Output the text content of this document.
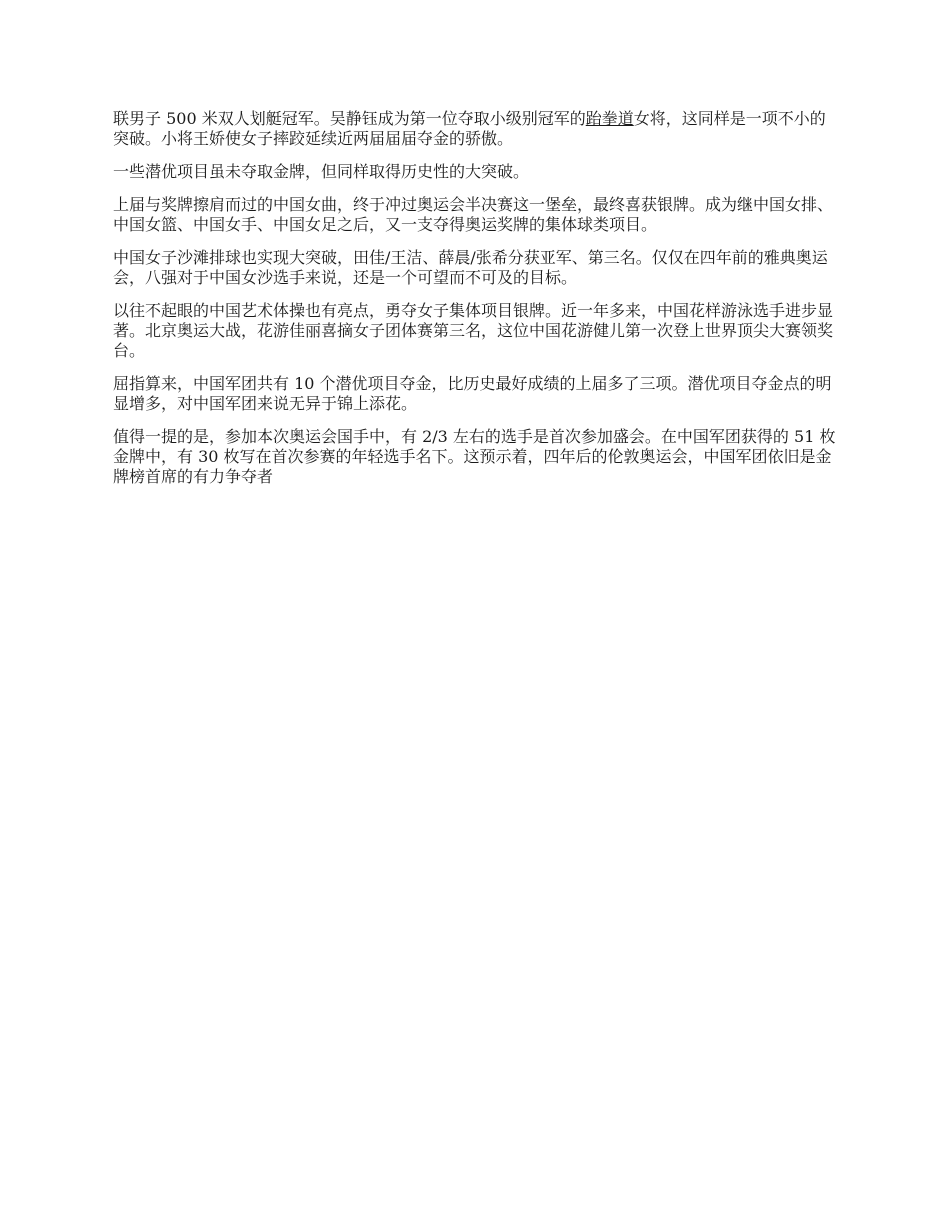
联男子 500 米双人划艇冠军。吴静钰成为第一位夺取小级别冠军的跆拳道女将，这同样是一项不小的突破。小将王娇使女子摔跤延续近两届届届夺金的骄傲。

一些潜优项目虽未夺取金牌，但同样取得历史性的大突破。

上届与奖牌擦肩而过的中国女曲，终于冲过奥运会半决赛这一堡垒，最终喜获银牌。成为继中国女排、中国女篮、中国女手、中国女足之后，又一支夺得奥运奖牌的集体球类项目。

中国女子沙滩排球也实现大突破，田佳/王洁、薛晨/张希分获亚军、第三名。仅仅在四年前的雅典奥运会，八强对于中国女沙选手来说，还是一个可望而不可及的目标。

以往不起眼的中国艺术体操也有亮点，勇夺女子集体项目银牌。近一年多来，中国花样游泳选手进步显著。北京奥运大战，花游佳丽喜摘女子团体赛第三名，这位中国花游健儿第一次登上世界顶尖大赛领奖台。

屈指算来，中国军团共有 10 个潜优项目夺金，比历史最好成绩的上届多了三项。潜优项目夺金点的明显增多，对中国军团来说无异于锦上添花。

值得一提的是，参加本次奥运会国手中，有 2/3 左右的选手是首次参加盛会。在中国军团获得的 51 枚金牌中，有 30 枚写在首次参赛的年轻选手名下。这预示着，四年后的伦敦奥运会，中国军团依旧是金牌榜首席的有力争夺者
